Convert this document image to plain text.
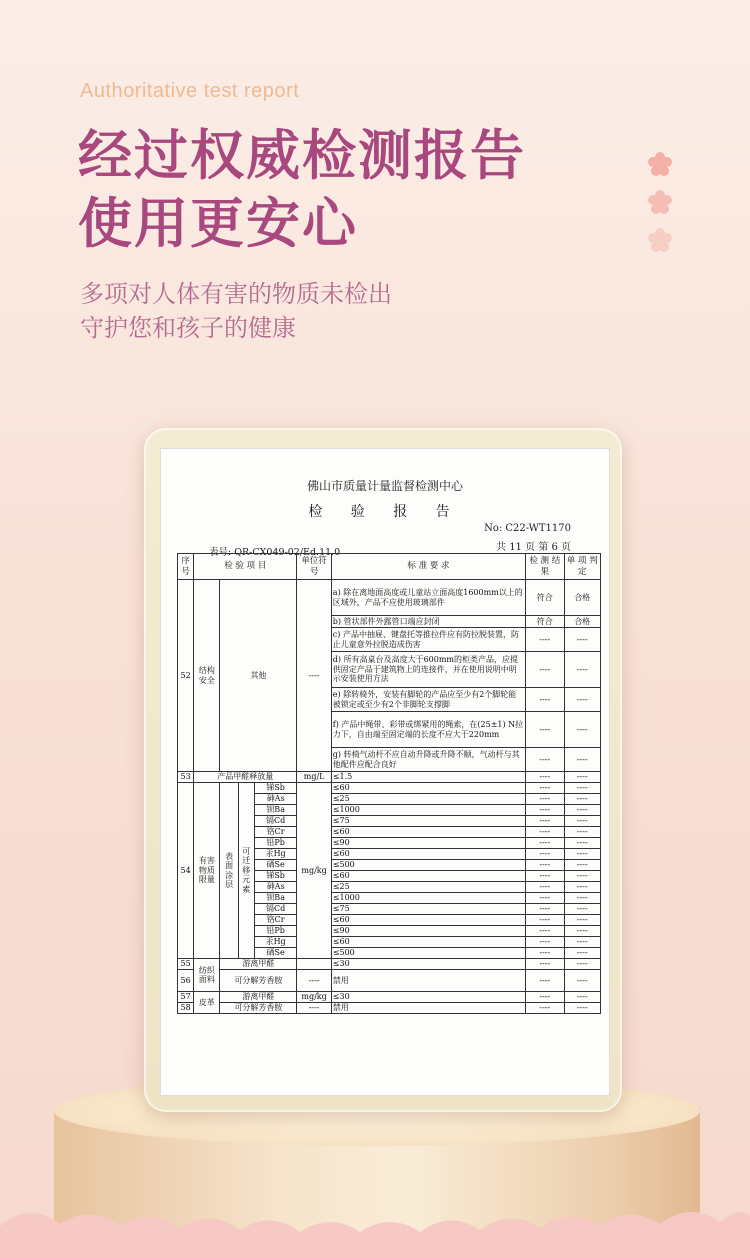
Authoritative test report
经过权威检测报告
使用更安心
多项对人体有害的物质未检出
守护您和孩子的健康
佛山市质量计量监督检测中心
检 验 报 告
No: C22-WT1170
共 11 页 第 6 页
表号: QR-CX049-02/Ed.11.0
序号	检 验 项 目				单位符号	标 准 要 求	检 测 结 果	单 项 判 定
52	结构安全	其他			----	a) 除在离地面高度或儿童站立面高度1600mm以上的区域外，产品不应使用玻璃部件	符合	合格
						b) 管状部件外露管口端应封闭	符合	合格
						c) 产品中抽屉、键盘托等推拉件应有防拉脱装置，防止儿童意外拉脱造成伤害	----	----
						d) 所有高桌台及高度大于600mm的柜类产品，应提供固定产品于建筑物上的连接件，并在使用说明中明示安装使用方法	----	----
						e) 除转椅外，安装有脚轮的产品应至少有2个脚轮能被锁定或至少有2个非脚轮支撑脚	----	----
						f) 产品中绳带、彩带或绑紧用的绳索，在(25±1) N拉力下，自由端至固定端的长度不应大于220mm	----	----
						g) 转椅气动杆不应自动升降或升降不顺，气动杆与其他配件应配合良好	----	----
53	产品甲醛释放量				mg/L	≤1.5	----	----
54	有害物质限量	表面涂层	可迁移元素	锑Sb	mg/kg	≤60	----	----
				砷As		≤25	----	----
				钡Ba		≤1000	----	----
				镉Cd		≤75	----	----
				铬Cr		≤60	----	----
				铅Pb		≤90	----	----
				汞Hg		≤60	----	----
				硒Se		≤500	----	----
				锑Sb		≤60	----	----
				砷As		≤25	----	----
				钡Ba		≤1000	----	----
				镉Cd		≤75	----	----
				铬Cr		≤60	----	----
				铅Pb		≤90	----	----
				汞Hg		≤60	----	----
				硒Se		≤500	----	----
55	纺织面料	游离甲醛				≤30	----	----
56		可分解芳香胺			----	禁用	----	----
57	皮革	游离甲醛			mg/kg	≤30	----	----
58		可分解芳香胺			----	禁用	----	----
